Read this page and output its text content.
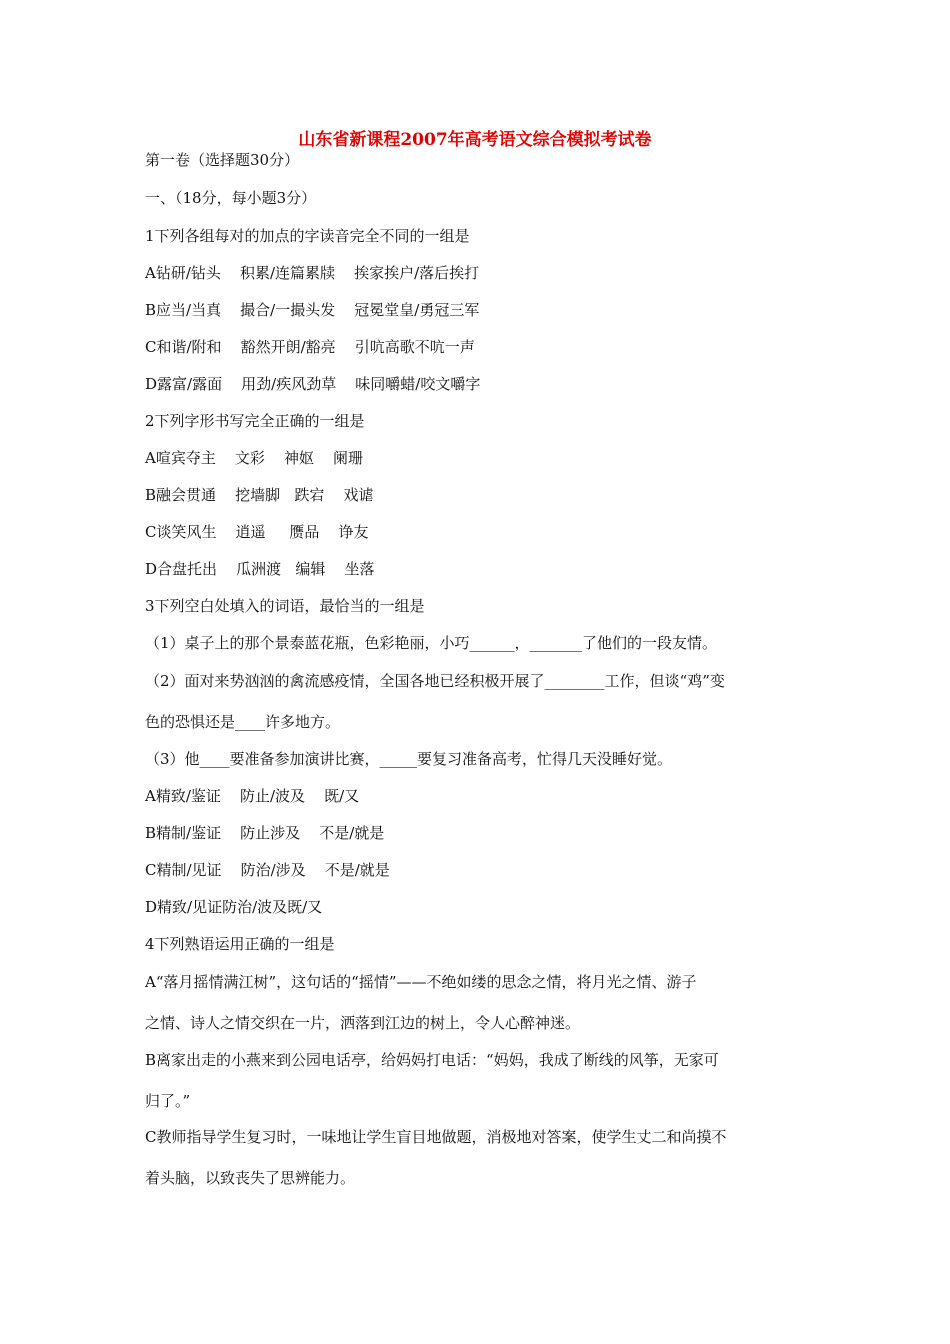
山东省新课程2007年高考语文综合模拟考试卷
第一卷（选择题30分）
一、（18分，每小题3分）
1下列各组每对的加点的字读音完全不同的一组是
A钻研/钻头    积累/连篇累牍    挨家挨户/落后挨打
B应当/当真    撮合/一撮头发    冠冕堂皇/勇冠三军
C和谐/附和    豁然开朗/豁亮    引吭高歌不吭一声
D露富/露面    用劲/疾风劲草    味同嚼蜡/咬文嚼字
2下列字形书写完全正确的一组是
A喧宾夺主    文彩    神妪    阑珊
B融会贯通    挖墙脚   跌宕    戏谑
C谈笑风生    逍遥     赝品    诤友
D合盘托出    瓜洲渡   编辑    坐落
3下列空白处填入的词语，最恰当的一组是
（1）桌子上的那个景泰蓝花瓶，色彩艳丽，小巧______，_______了他们的一段友情。
（2）面对来势汹汹的禽流感疫情，全国各地已经积极开展了________工作，但谈“鸡”变
色的恐惧还是____许多地方。
（3）他____要准备参加演讲比赛，_____要复习准备高考，忙得几天没睡好觉。
A精致/鉴证    防止/波及    既/又
B精制/鉴证    防止涉及    不是/就是
C精制/见证    防治/涉及    不是/就是
D精致/见证防治/波及既/又
4下列熟语运用正确的一组是
A“落月摇情满江树”，这句话的“摇情”——不绝如缕的思念之情，将月光之情、游子
之情、诗人之情交织在一片，洒落到江边的树上，令人心醉神迷。
B离家出走的小燕来到公园电话亭，给妈妈打电话：“妈妈，我成了断线的风筝，无家可
归了。”
C教师指导学生复习时，一味地让学生盲目地做题，消极地对答案，使学生丈二和尚摸不
着头脑，以致丧失了思辨能力。
